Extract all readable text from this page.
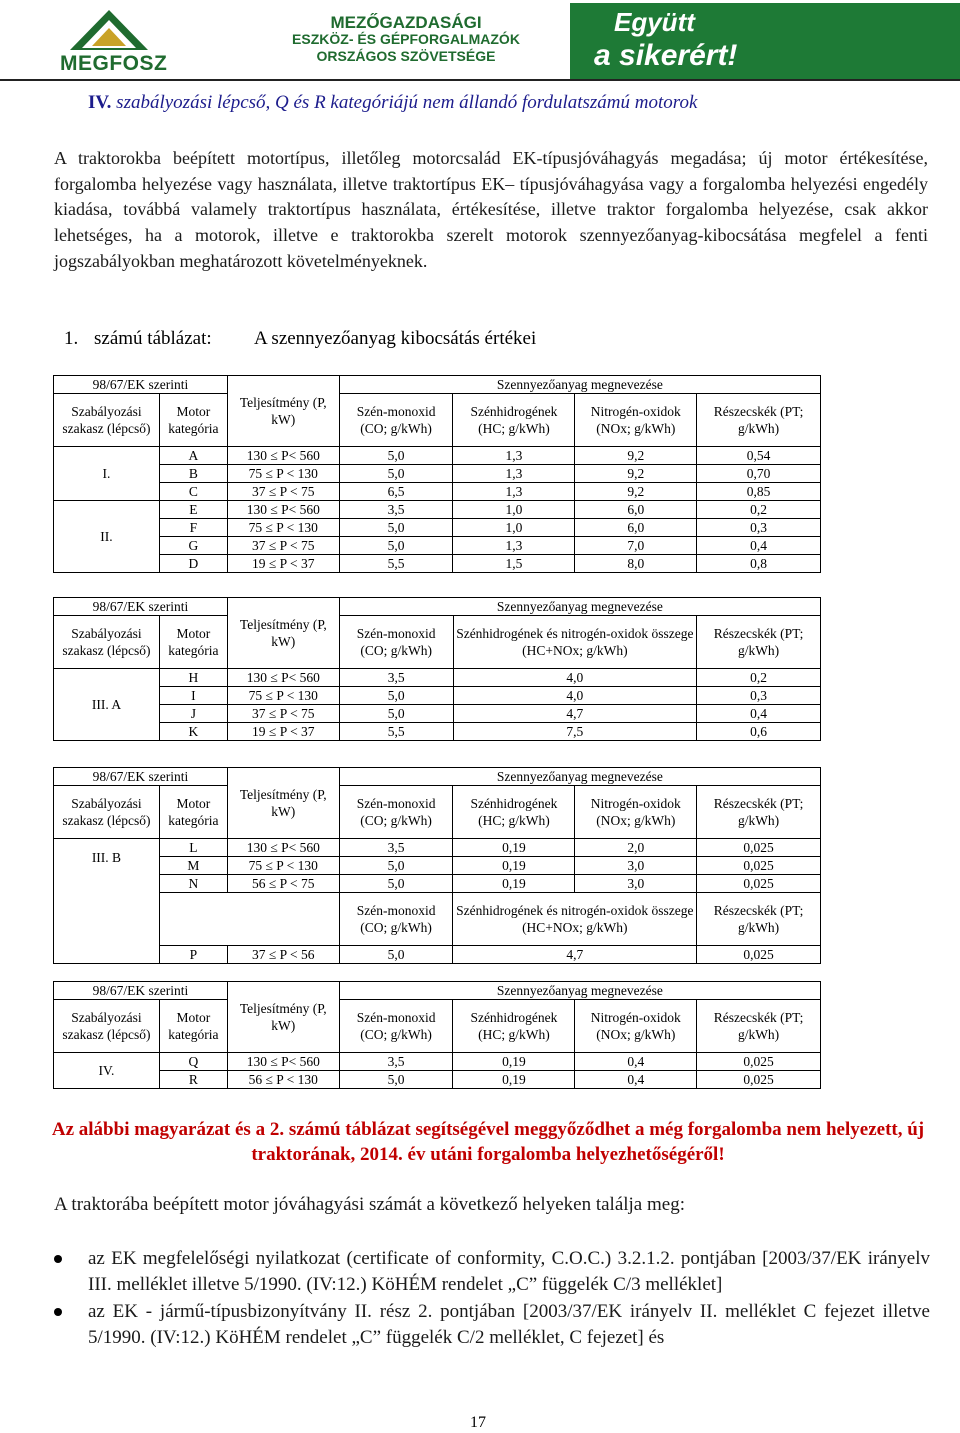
MEGFOSZ
MEZŐGAZDASÁGI
ESZKÖZ- ÉS GÉPFORGALMAZÓK
ORSZÁGOS SZÖVETSÉGE
Együtt
a sikerért!
IV. szabályozási lépcső, Q és R kategóriájú nem állandó fordulatszámú motorok
A traktorokba beépített motortípus, illetőleg motorcsalád EK-típusjóváhagyás megadása; új motor értékesítése, forgalomba helyezése vagy használata, illetve traktortípus EK– típusjóváhagyása vagy a forgalomba helyezési engedély kiadása, továbbá valamely traktortípus használata, értékesítése, illetve traktor forgalomba helyezése, csak akkor lehetséges, ha a motorok, illetve e traktorokba szerelt motorok szennyezőanyag-kibocsátása megfelel a fenti jogszabályokban meghatározott követelményeknek.
1. számú táblázat: A szennyezőanyag kibocsátás értékei
98/67/EK szerinti		Teljesítmény (P, kW)	Szennyezőanyag megnevezése			
Szabályozási szakasz (lépcső)	Motor kategória		Szén-monoxid (CO; g/kWh)	Szénhidrogének (HC; g/kWh)	Nitrogén-oxidok (NOx; g/kWh)	Részecskék (PT; g/kWh)
I.	A	130 ≤ P< 560	5,0	1,3	9,2	0,54
	B	75 ≤ P < 130	5,0	1,3	9,2	0,70
	C	37 ≤ P < 75	6,5	1,3	9,2	0,85
II.	E	130 ≤ P< 560	3,5	1,0	6,0	0,2
	F	75 ≤ P < 130	5,0	1,0	6,0	0,3
	G	37 ≤ P < 75	5,0	1,3	7,0	0,4
	D	19 ≤ P < 37	5,5	1,5	8,0	0,8
98/67/EK szerinti		Teljesítmény (P, kW)	Szennyezőanyag megnevezése		
Szabályozási szakasz (lépcső)	Motor kategória		Szén-monoxid (CO; g/kWh)	Szénhidrogének és nitrogén-oxidok összege (HC+NOx; g/kWh)	Részecskék (PT; g/kWh)
III. A	H	130 ≤ P< 560	3,5	4,0	0,2
	I	75 ≤ P < 130	5,0	4,0	0,3
	J	37 ≤ P < 75	5,0	4,7	0,4
	K	19 ≤ P < 37	5,5	7,5	0,6
98/67/EK szerinti		Teljesítmény (P, kW)	Szennyezőanyag megnevezése			
Szabályozási szakasz (lépcső)	Motor kategória		Szén-monoxid (CO; g/kWh)	Szénhidrogének (HC; g/kWh)	Nitrogén-oxidok (NOx; g/kWh)	Részecskék (PT; g/kWh)
III. B	L	130 ≤ P< 560	3,5	0,19	2,0	0,025
	M	75 ≤ P < 130	5,0	0,19	3,0	0,025
	N	56 ≤ P < 75	5,0	0,19	3,0	0,025
			Szén-monoxid (CO; g/kWh)	Szénhidrogének és nitrogén-oxidok összege (HC+NOx; g/kWh)		Részecskék (PT; g/kWh)
	P	37 ≤ P < 56	5,0	4,7		0,025
98/67/EK szerinti		Teljesítmény (P, kW)	Szennyezőanyag megnevezése			
Szabályozási szakasz (lépcső)	Motor kategória		Szén-monoxid (CO; g/kWh)	Szénhidrogének (HC; g/kWh)	Nitrogén-oxidok (NOx; g/kWh)	Részecskék (PT; g/kWh)
IV.	Q	130 ≤ P< 560	3,5	0,19	0,4	0,025
	R	56 ≤ P < 130	5,0	0,19	0,4	0,025
Az alábbi magyarázat és a 2. számú táblázat segítségével meggyőződhet a még forgalomba nem helyezett, új traktorának, 2014. év utáni forgalomba helyezhetőségéről!
A traktorába beépített motor jóváhagyási számát a következő helyeken találja meg:
az EK megfelelőségi nyilatkozat (certificate of conformity, C.O.C.) 3.2.1.2. pontjában [2003/37/EK irányelv III. melléklet illetve 5/1990. (IV:12.) KöHÉM rendelet „C” függelék C/3 melléklet]
az EK - jármű-típusbizonyítvány II. rész 2. pontjában [2003/37/EK irányelv II. melléklet C fejezet illetve 5/1990. (IV:12.) KöHÉM rendelet „C” függelék C/2 melléklet, C fejezet] és
17
